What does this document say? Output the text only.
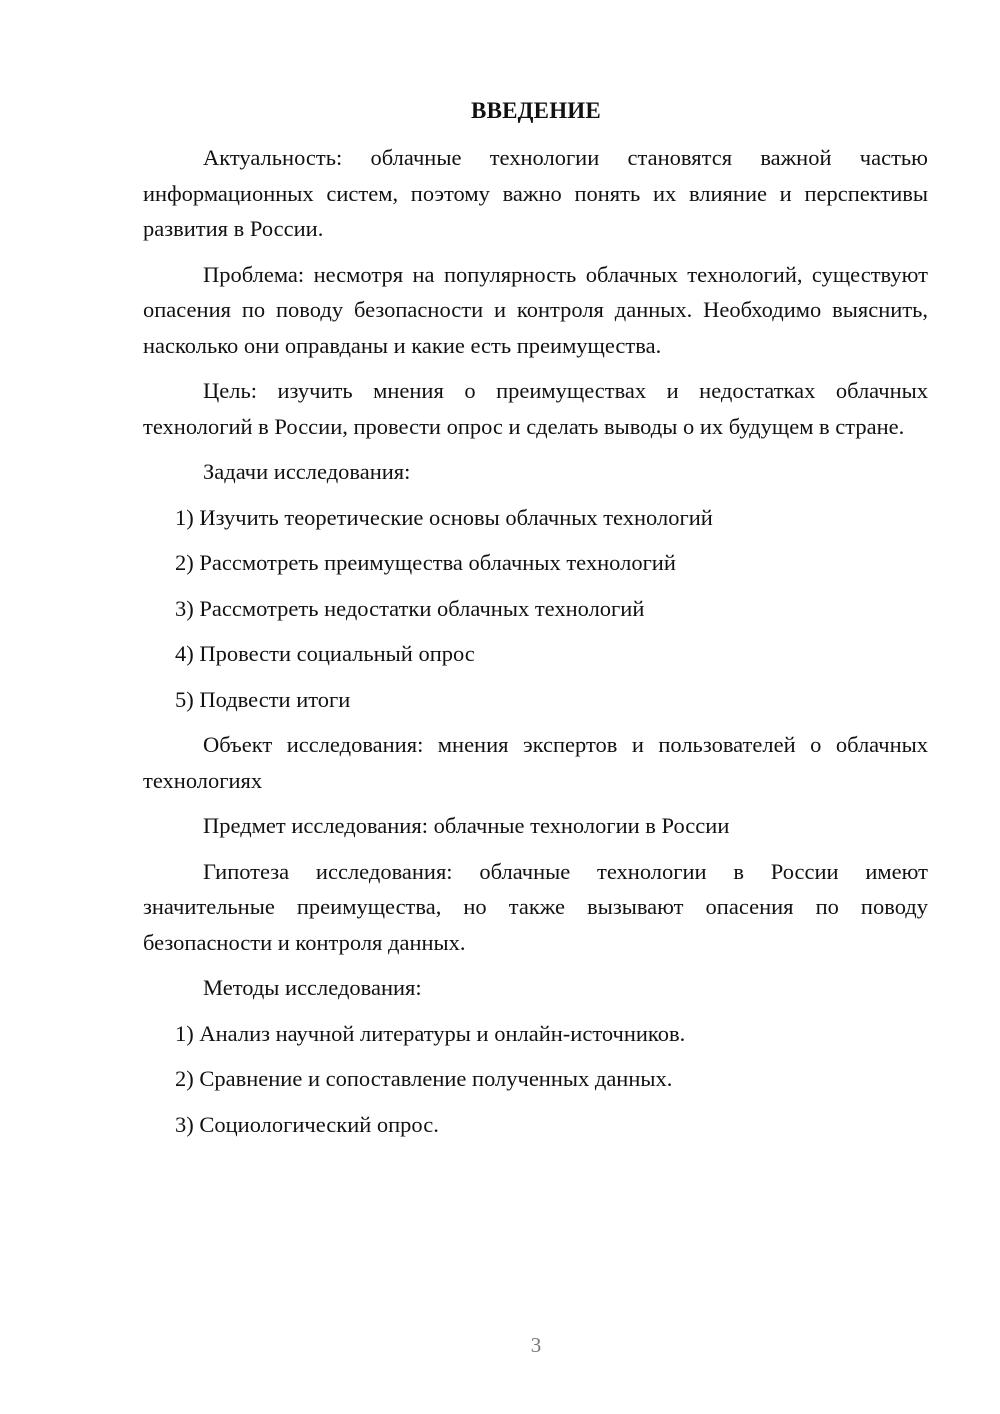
ВВЕДЕНИЕ

Актуальность: облачные технологии становятся важной частью информационных систем, поэтому важно понять их влияние и перспективы развития в России.

Проблема: несмотря на популярность облачных технологий, существуют опасения по поводу безопасности и контроля данных. Необходимо выяснить, насколько они оправданы и какие есть преимущества.

Цель: изучить мнения о преимуществах и недостатках облачных технологий в России, провести опрос и сделать выводы о их будущем в стране.

Задачи исследования:

1) Изучить теоретические основы облачных технологий
2) Рассмотреть преимущества облачных технологий
3) Рассмотреть недостатки облачных технологий
4) Провести социальный опрос
5) Подвести итоги

Объект исследования: мнения экспертов и пользователей о облачных технологиях

Предмет исследования: облачные технологии в России

Гипотеза исследования: облачные технологии в России имеют значительные преимущества, но также вызывают опасения по поводу безопасности и контроля данных.

Методы исследования:

1) Анализ научной литературы и онлайн-источников.
2) Сравнение и сопоставление полученных данных.
3) Социологический опрос.
3
